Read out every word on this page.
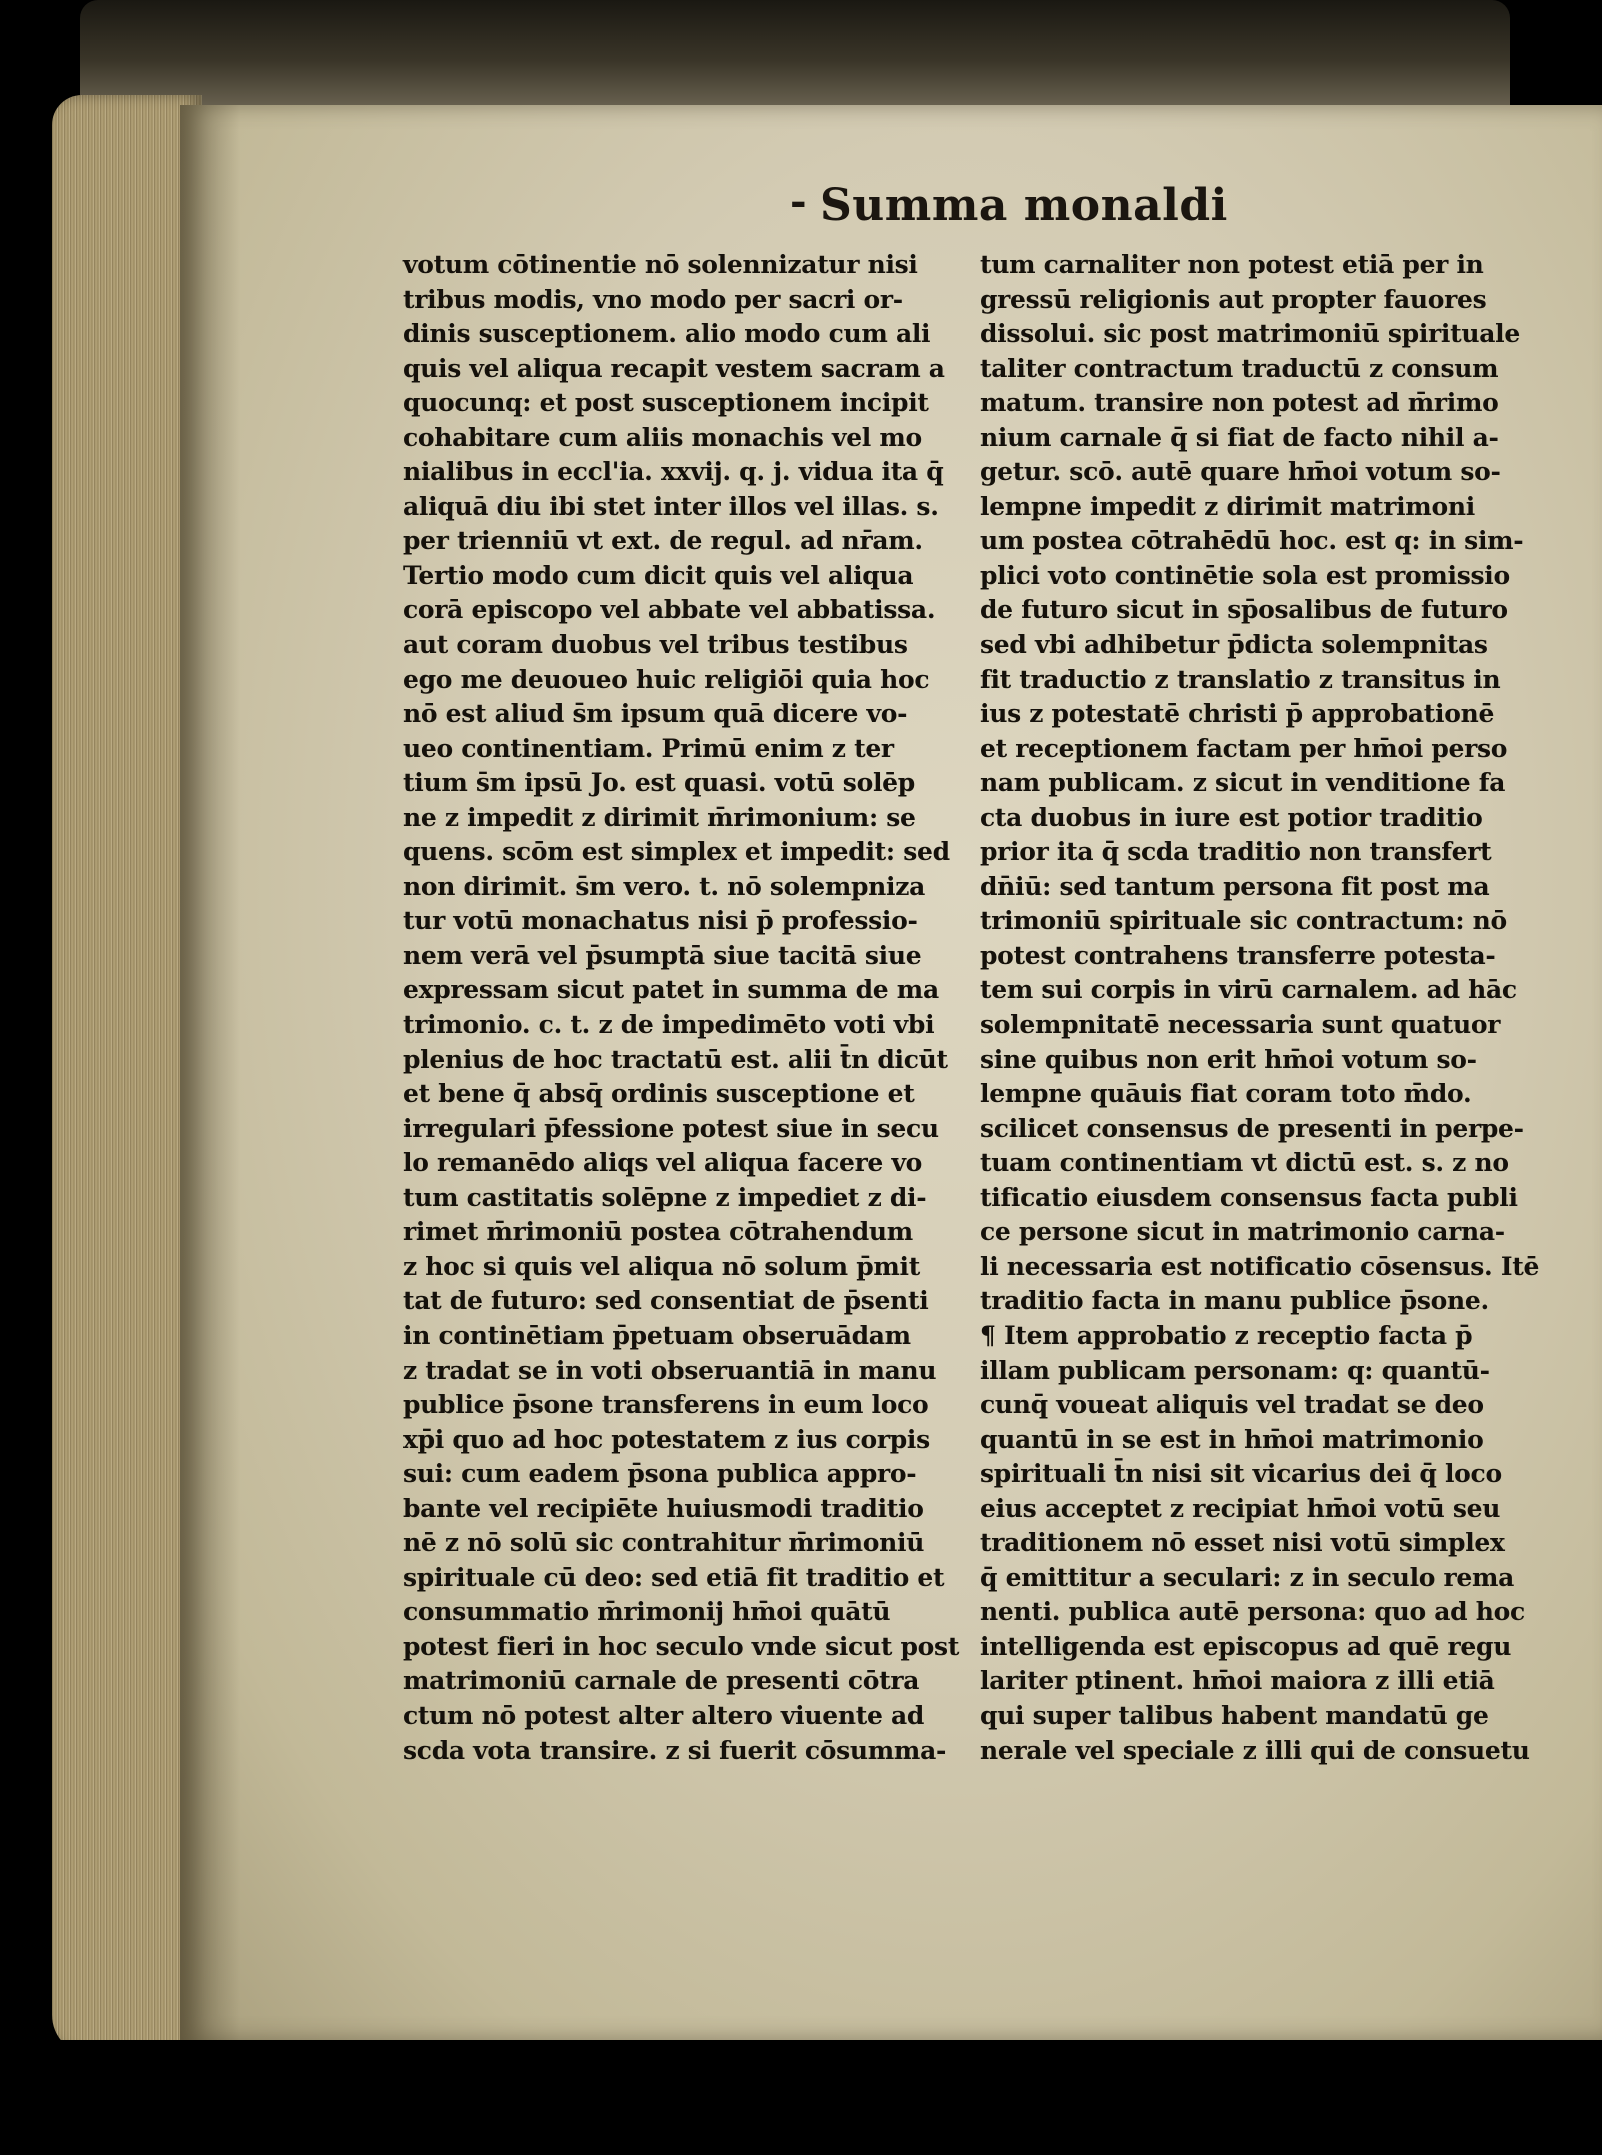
- Summa monaldi
votum cōtinentie nō solennizatur nisi
tribus modis, vno modo per sacri or-
dinis susceptionem. alio modo cum ali
quis vel aliqua recapit vestem sacram a
quocunq: et post susceptionem incipit
cohabitare cum aliis monachis vel mo
nialibus in eccl'ia. xxvij. q. j. vidua ita q̄
aliquā diu ibi stet inter illos vel illas. s.
per trienniū vt ext. de regul. ad nr̄am.
Tertio modo cum dicit quis vel aliqua
corā episcopo vel abbate vel abbatissa.
aut coram duobus vel tribus testibus
ego me deuoueo huic religiōi quia hoc
nō est aliud s̄m ipsum quā dicere vo-
ueo continentiam. Primū enim z ter
tium s̄m ipsū Jo. est quasi. votū solēp
ne z impedit z dirimit m̄rimonium: se
quens. scōm est simplex et impedit: sed
non dirimit. s̄m vero. t. nō solempniza
tur votū monachatus nisi p̄ professio-
nem verā vel p̄sumptā siue tacitā siue
expressam sicut patet in summa de ma
trimonio. c. t. z de impedimēto voti vbi
plenius de hoc tractatū est. alii t̄n dicūt
et bene q̄ absq̄ ordinis susceptione et
irregulari p̄fessione potest siue in secu
lo remanēdo aliqs vel aliqua facere vo
tum castitatis solēpne z impediet z di-
rimet m̄rimoniū postea cōtrahendum
z hoc si quis vel aliqua nō solum p̄mit
tat de futuro: sed consentiat de p̄senti
in continētiam p̄petuam obseruādam
z tradat se in voti obseruantiā in manu
publice p̄sone transferens in eum loco
xp̄i quo ad hoc potestatem z ius corpis
sui: cum eadem p̄sona publica appro-
bante vel recipiēte huiusmodi traditio
nē z nō solū sic contrahitur m̄rimoniū
spirituale cū deo: sed etiā fit traditio et
consummatio m̄rimonij hm̄oi quātū
potest fieri in hoc seculo vnde sicut post
matrimoniū carnale de presenti cōtra
ctum nō potest alter altero viuente ad
scda vota transire. z si fuerit cōsumma-
tum carnaliter non potest etiā per in
gressū religionis aut propter fauores
dissolui. sic post matrimoniū spirituale
taliter contractum traductū z consum
matum. transire non potest ad m̄rimo
nium carnale q̄ si fiat de facto nihil a-
getur. scō. autē quare hm̄oi votum so-
lempne impedit z dirimit matrimoni
um postea cōtrahēdū hoc. est q: in sim-
plici voto continētie sola est promissio
de futuro sicut in sp̄osalibus de futuro
sed vbi adhibetur p̄dicta solempnitas
fit traductio z translatio z transitus in
ius z potestatē christi p̄ approbationē
et receptionem factam per hm̄oi perso
nam publicam. z sicut in venditione fa
cta duobus in iure est potior traditio
prior ita q̄ scda traditio non transfert
dn̄iū: sed tantum persona fit post ma
trimoniū spirituale sic contractum: nō
potest contrahens transferre potesta-
tem sui corpis in virū carnalem. ad hāc
solempnitatē necessaria sunt quatuor
sine quibus non erit hm̄oi votum so-
lempne quāuis fiat coram toto m̄do.
scilicet consensus de presenti in perpe-
tuam continentiam vt dictū est. s. z no
tificatio eiusdem consensus facta publi
ce persone sicut in matrimonio carna-
li necessaria est notificatio cōsensus. Itē
traditio facta in manu publice p̄sone.
¶ Item approbatio z receptio facta p̄
illam publicam personam: q: quantū-
cunq̄ voueat aliquis vel tradat se deo
quantū in se est in hm̄oi matrimonio
spirituali t̄n nisi sit vicarius dei q̄ loco
eius acceptet z recipiat hm̄oi votū seu
traditionem nō esset nisi votū simplex
q̄ emittitur a seculari: z in seculo rema
nenti. publica autē persona: quo ad hoc
intelligenda est episcopus ad quē regu
lariter ptinent. hm̄oi maiora z illi etiā
qui super talibus habent mandatū ge
nerale vel speciale z illi qui de consuetu
